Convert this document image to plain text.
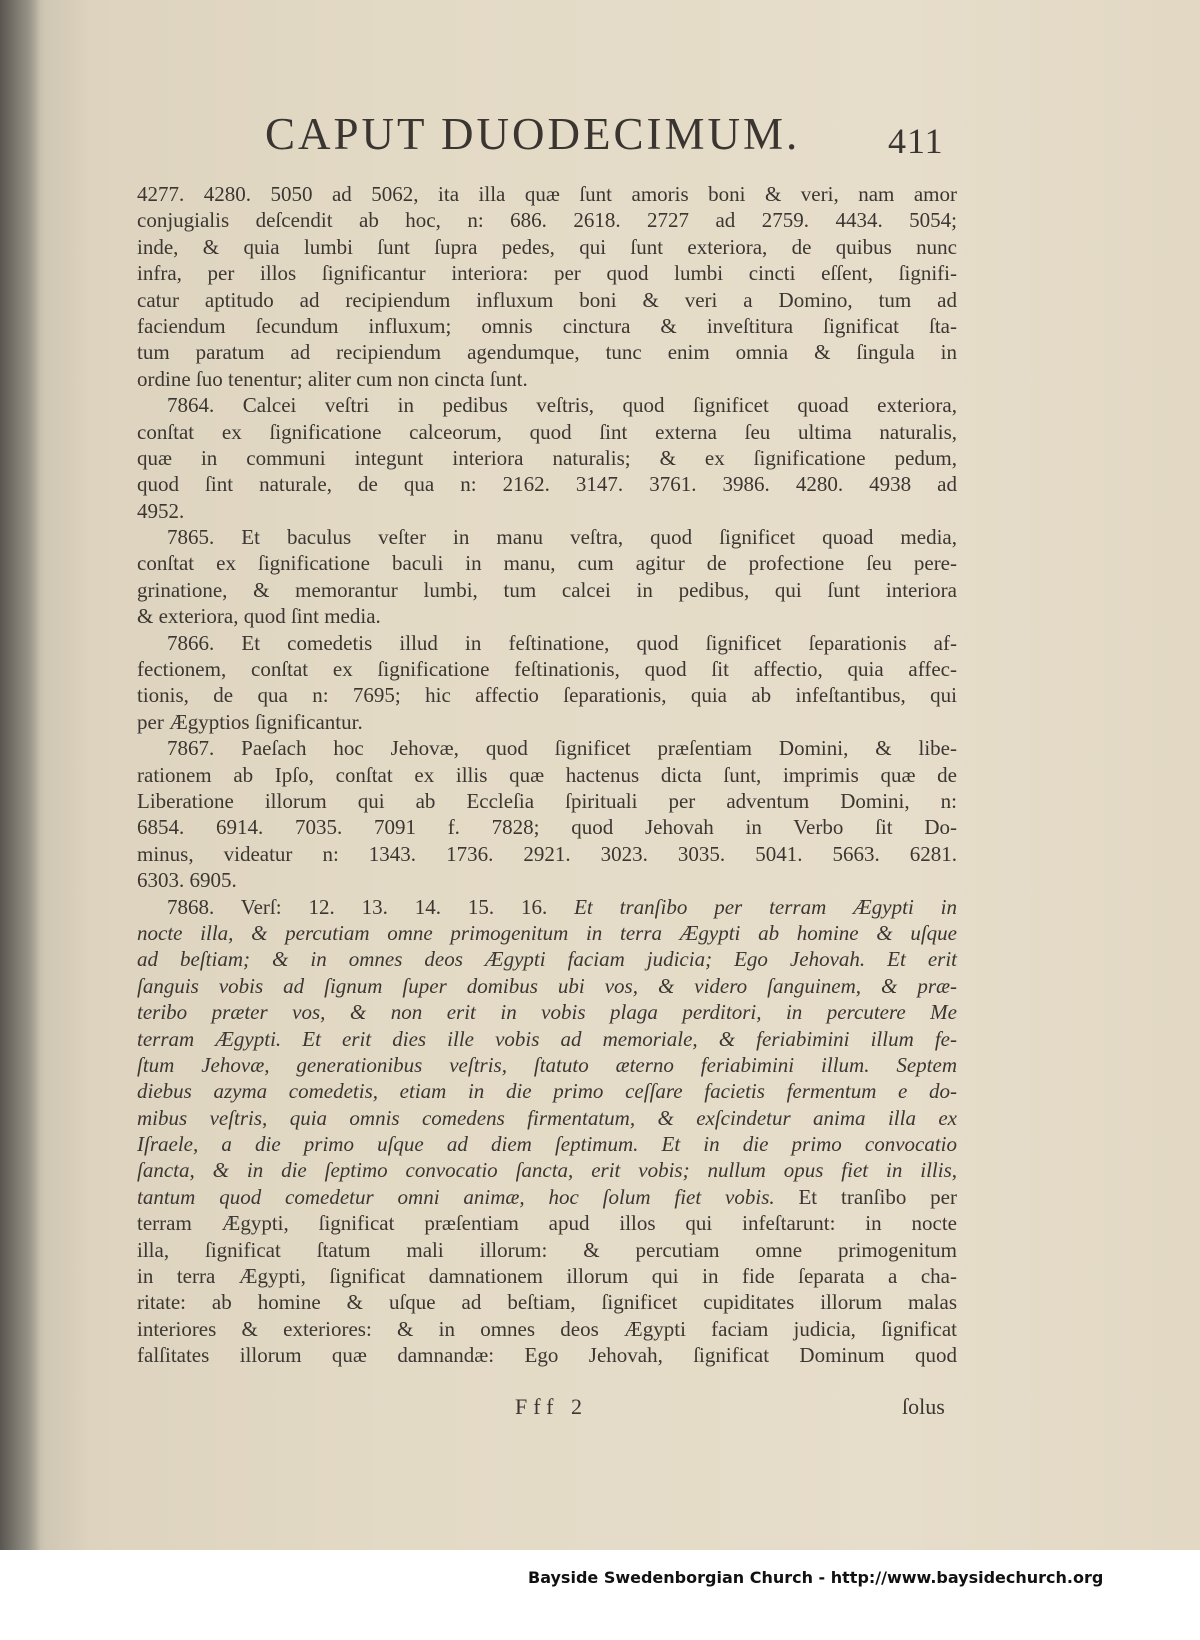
CAPUT DUODECIMUM.	411
4277. 4280. 5050 ad 5062, ita illa quæ ſunt amoris boni & veri, nam amor
conjugialis deſcendit ab hoc, n: 686. 2618. 2727 ad 2759. 4434. 5054;
inde, & quia lumbi ſunt ſupra pedes, qui ſunt exteriora, de quibus nunc
infra, per illos ſignificantur interiora: per quod lumbi cincti eſſent, ſignifi-
catur aptitudo ad recipiendum influxum boni & veri a Domino, tum ad
faciendum ſecundum influxum; omnis cinctura & inveſtitura ſignificat ſta-
tum paratum ad recipiendum agendumque, tunc enim omnia & ſingula in
ordine ſuo tenentur; aliter cum non cincta ſunt.
7864. Calcei veſtri in pedibus veſtris, quod ſignificet quoad exteriora,
conſtat ex ſignificatione calceorum, quod ſint externa ſeu ultima naturalis,
quæ in communi integunt interiora naturalis; & ex ſignificatione pedum,
quod ſint naturale, de qua n: 2162. 3147. 3761. 3986. 4280. 4938 ad
4952.
7865. Et baculus veſter in manu veſtra, quod ſignificet quoad media,
conſtat ex ſignificatione baculi in manu, cum agitur de profectione ſeu pere-
grinatione, & memorantur lumbi, tum calcei in pedibus, qui ſunt interiora
& exteriora, quod ſint media.
7866. Et comedetis illud in feſtinatione, quod ſignificet ſeparationis af-
fectionem, conſtat ex ſignificatione feſtinationis, quod ſit affectio, quia affec-
tionis, de qua n: 7695; hic affectio ſeparationis, quia ab infeſtantibus, qui
per Ægyptios ſignificantur.
7867. Paeſach hoc Jehovæ, quod ſignificet præſentiam Domini, & libe-
rationem ab Ipſo, conſtat ex illis quæ hactenus dicta ſunt, imprimis quæ de
Liberatione illorum qui ab Eccleſia ſpirituali per adventum Domini, n:
6854. 6914. 7035. 7091 f. 7828; quod Jehovah in Verbo ſit Do-
minus, videatur n: 1343. 1736. 2921. 3023. 3035. 5041. 5663. 6281.
6303. 6905.
7868. Verſ: 12. 13. 14. 15. 16. Et tranſibo per terram Ægypti in
nocte illa, & percutiam omne primogenitum in terra Ægypti ab homine & uſque
ad beſtiam; & in omnes deos Ægypti faciam judicia; Ego Jehovah. Et erit
ſanguis vobis ad ſignum ſuper domibus ubi vos, & videro ſanguinem, & præ-
teribo præter vos, & non erit in vobis plaga perditori, in percutere Me
terram Ægypti. Et erit dies ille vobis ad memoriale, & feriabimini illum fe-
ſtum Jehovæ, generationibus veſtris, ſtatuto æterno feriabimini illum. Septem
diebus azyma comedetis, etiam in die primo ceſſare facietis fermentum e do-
mibus veſtris, quia omnis comedens firmentatum, & exſcindetur anima illa ex
Iſraele, a die primo uſque ad diem ſeptimum. Et in die primo convocatio
ſancta, & in die ſeptimo convocatio ſancta, erit vobis; nullum opus fiet in illis,
tantum quod comedetur omni animæ, hoc ſolum fiet vobis. Et tranſibo per
terram Ægypti, ſignificat præſentiam apud illos qui infeſtarunt: in nocte
illa, ſignificat ſtatum mali illorum: & percutiam omne primogenitum
in terra Ægypti, ſignificat damnationem illorum qui in fide ſeparata a cha-
ritate: ab homine & uſque ad beſtiam, ſignificet cupiditates illorum malas
interiores & exteriores: & in omnes deos Ægypti faciam judicia, ſignificat
falſitates illorum quæ damnandæ: Ego Jehovah, ſignificat Dominum quod
Fff 2	ſolus
Bayside Swedenborgian Church - http://www.baysidechurch.org
